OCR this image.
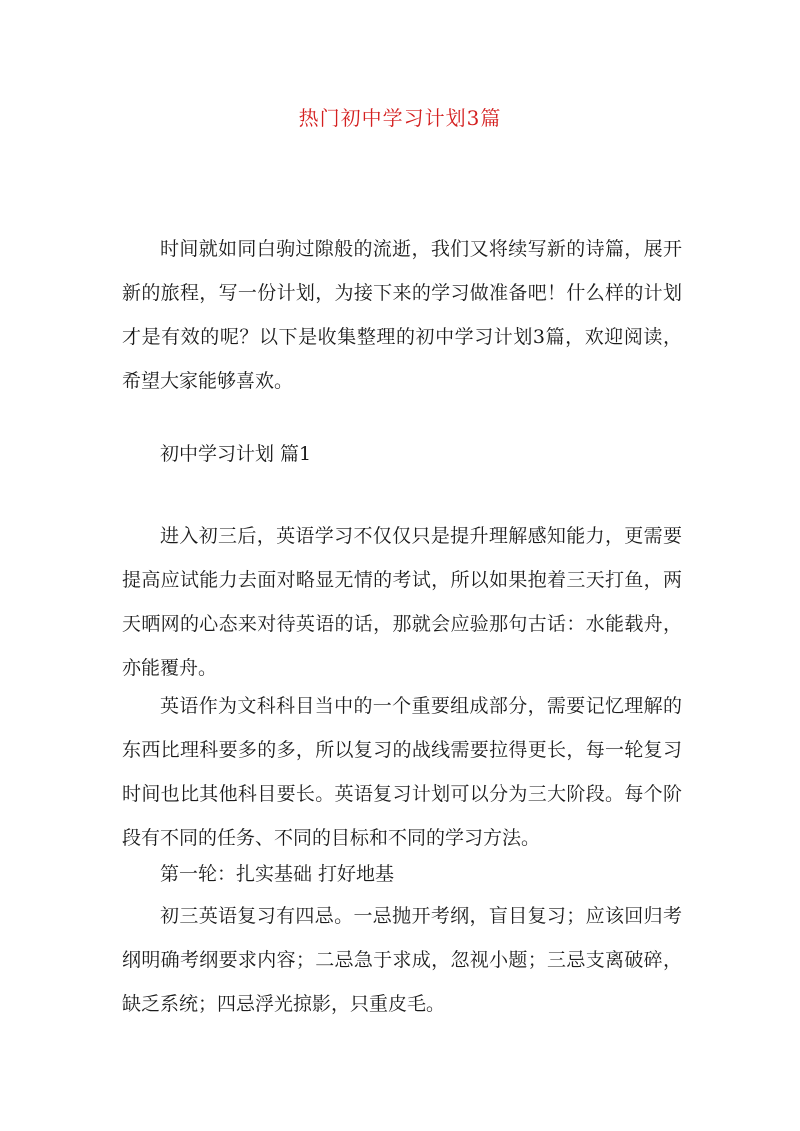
热门初中学习计划3篇

时间就如同白驹过隙般的流逝，我们又将续写新的诗篇，展开新的旅程，写一份计划，为接下来的学习做准备吧！什么样的计划才是有效的呢？以下是收集整理的初中学习计划3篇，欢迎阅读，希望大家能够喜欢。

初中学习计划 篇1

进入初三后，英语学习不仅仅只是提升理解感知能力，更需要提高应试能力去面对略显无情的考试，所以如果抱着三天打鱼，两天晒网的心态来对待英语的话，那就会应验那句古话：水能载舟，亦能覆舟。

英语作为文科科目当中的一个重要组成部分，需要记忆理解的东西比理科要多的多，所以复习的战线需要拉得更长，每一轮复习时间也比其他科目要长。英语复习计划可以分为三大阶段。每个阶段有不同的任务、不同的目标和不同的学习方法。

第一轮：扎实基础 打好地基

初三英语复习有四忌。一忌抛开考纲，盲目复习；应该回归考纲明确考纲要求内容；二忌急于求成，忽视小题；三忌支离破碎，缺乏系统；四忌浮光掠影，只重皮毛。
